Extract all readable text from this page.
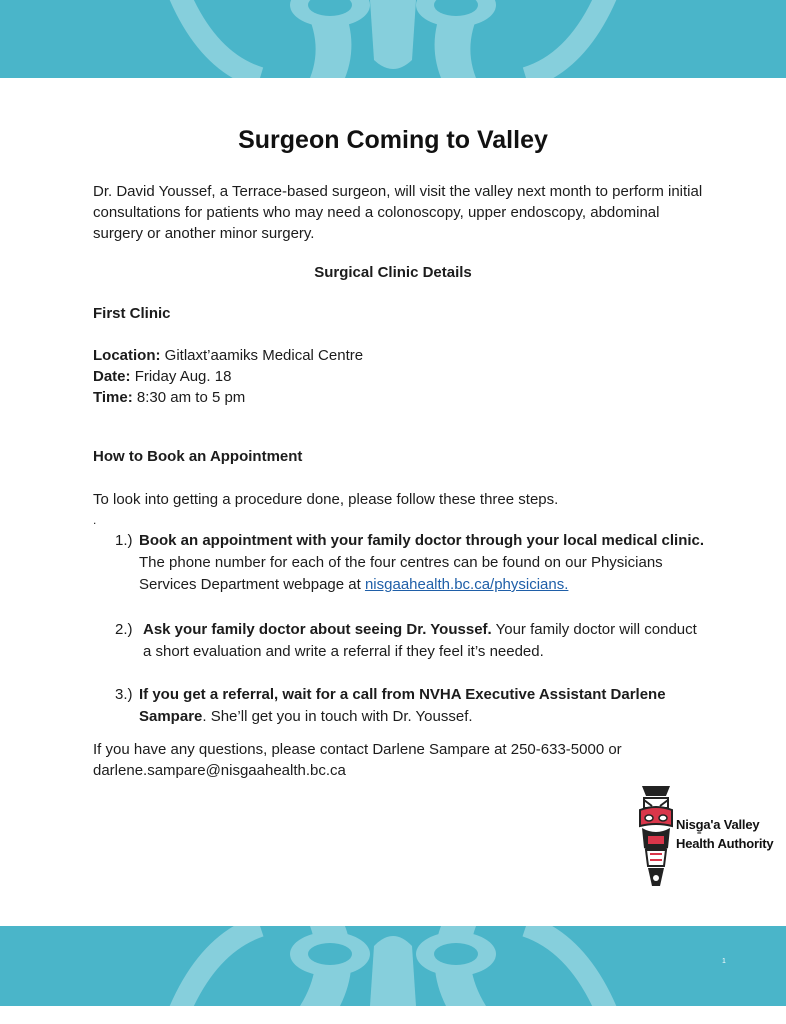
Surgeon Coming to Valley
Dr. David Youssef, a Terrace-based surgeon, will visit the valley next month to perform initial consultations for patients who may need a colonoscopy, upper endoscopy, abdominal surgery or another minor surgery.
Surgical Clinic Details
First Clinic
Location: Gitlaxt’aamiks Medical Centre
Date: Friday Aug. 18
Time: 8:30 am to 5 pm
How to Book an Appointment
To look into getting a procedure done, please follow these three steps.
.
1.) Book an appointment with your family doctor through your local medical clinic. The phone number for each of the four centres can be found on our Physicians Services Department webpage at nisgaahealth.bc.ca/physicians.
2.) Ask your family doctor about seeing Dr. Youssef. Your family doctor will conduct a short evaluation and write a referral if they feel it’s needed.
3.) If you get a referral, wait for a call from NVHA Executive Assistant Darlene Sampare. She’ll get you in touch with Dr. Youssef.
If you have any questions, please contact Darlene Sampare at 250-633-5000 or darlene.sampare@nisgaahealth.bc.ca
Nisg̱a'a Valley
Health Authority
1
